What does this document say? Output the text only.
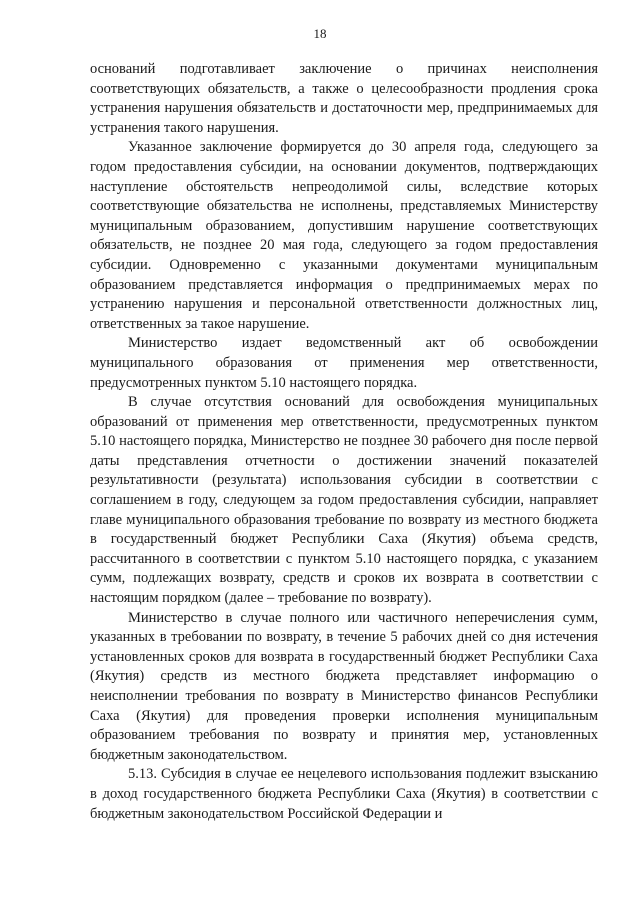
18

оснований подготавливает заключение о причинах неисполнения соответствующих обязательств, а также о целесообразности продления срока устранения нарушения обязательств и достаточности мер, предпринимаемых для устранения такого нарушения.

Указанное заключение формируется до 30 апреля года, следующего за годом предоставления субсидии, на основании документов, подтверждающих наступление обстоятельств непреодолимой силы, вследствие которых соответствующие обязательства не исполнены, представляемых Министерству муниципальным образованием, допустившим нарушение соответствующих обязательств, не позднее 20 мая года, следующего за годом предоставления субсидии. Одновременно с указанными документами муниципальным образованием представляется информация о предпринимаемых мерах по устранению нарушения и персональной ответственности должностных лиц, ответственных за такое нарушение.

Министерство издает ведомственный акт об освобождении муниципального образования от применения мер ответственности, предусмотренных пунктом 5.10 настоящего порядка.

В случае отсутствия оснований для освобождения муниципальных образований от применения мер ответственности, предусмотренных пунктом 5.10 настоящего порядка, Министерство не позднее 30 рабочего дня после первой даты представления отчетности о достижении значений показателей результативности (результата) использования субсидии в соответствии с соглашением в году, следующем за годом предоставления субсидии, направляет главе муниципального образования требование по возврату из местного бюджета в государственный бюджет Республики Саха (Якутия) объема средств, рассчитанного в соответствии с пунктом 5.10 настоящего порядка, с указанием сумм, подлежащих возврату, средств и сроков их возврата в соответствии с настоящим порядком (далее – требование по возврату).

Министерство в случае полного или частичного неперечисления сумм, указанных в требовании по возврату, в течение 5 рабочих дней со дня истечения установленных сроков для возврата в государственный бюджет Республики Саха (Якутия) средств из местного бюджета представляет информацию о неисполнении требования по возврату в Министерство финансов Республики Саха (Якутия) для проведения проверки исполнения муниципальным образованием требования по возврату и принятия мер, установленных бюджетным законодательством.

5.13. Субсидия в случае ее нецелевого использования подлежит взысканию в доход государственного бюджета Республики Саха (Якутия) в соответствии с бюджетным законодательством Российской Федерации и
